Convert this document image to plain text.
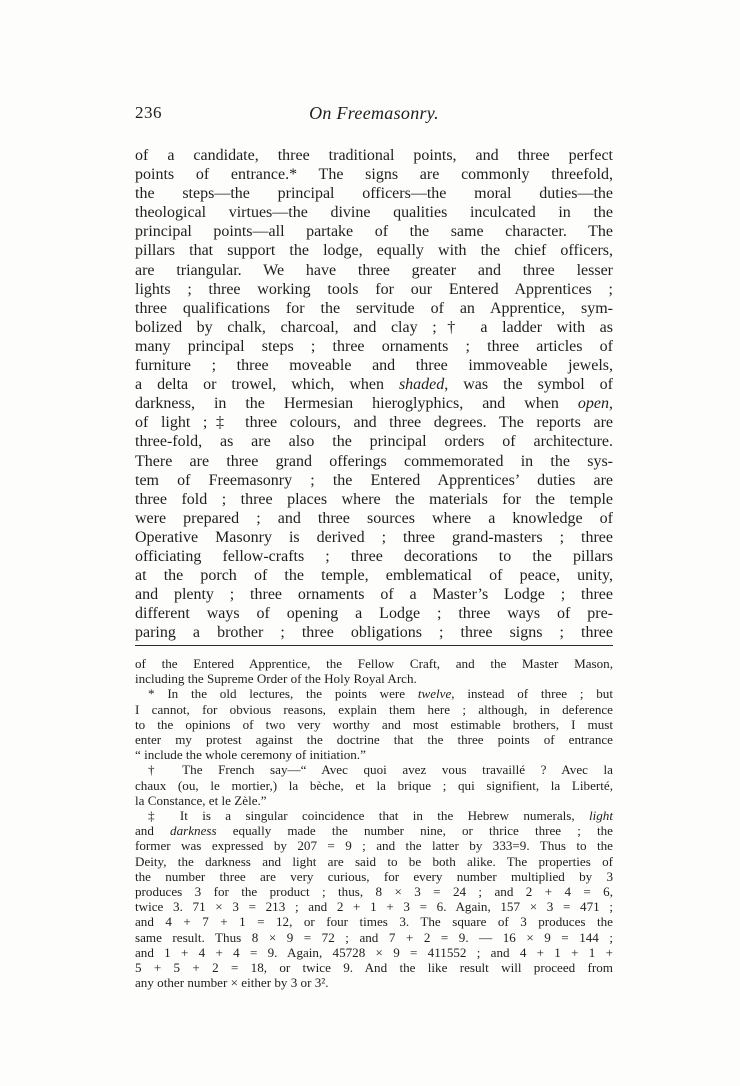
236	On Freemasonry.
of a candidate, three traditional points, and three perfect
points of entrance.* The signs are commonly threefold,
the steps—the principal officers—the moral duties—the
theological virtues—the divine qualities inculcated in the
principal points—all partake of the same character. The
pillars that support the lodge, equally with the chief officers,
are triangular. We have three greater and three lesser
lights ; three working tools for our Entered Apprentices ;
three qualifications for the servitude of an Apprentice, sym-
bolized by chalk, charcoal, and clay ;† a ladder with as
many principal steps ; three ornaments ; three articles of
furniture ; three moveable and three immoveable jewels,
a delta or trowel, which, when shaded, was the symbol of
darkness, in the Hermesian hieroglyphics, and when open,
of light ;‡ three colours, and three degrees. The reports are
three-fold, as are also the principal orders of architecture.
There are three grand offerings commemorated in the sys-
tem of Freemasonry ; the Entered Apprentices’ duties are
three fold ; three places where the materials for the temple
were prepared ; and three sources where a knowledge of
Operative Masonry is derived ; three grand-masters ; three
officiating fellow-crafts ; three decorations to the pillars
at the porch of the temple, emblematical of peace, unity,
and plenty ; three ornaments of a Master’s Lodge ; three
different ways of opening a Lodge ; three ways of pre-
paring a brother ; three obligations ; three signs ; three
of the Entered Apprentice, the Fellow Craft, and the Master Mason,
including the Supreme Order of the Holy Royal Arch.
* In the old lectures, the points were twelve, instead of three ; but
I cannot, for obvious reasons, explain them here ; although, in deference
to the opinions of two very worthy and most estimable brothers, I must
enter my protest against the doctrine that the three points of entrance
“ include the whole ceremony of initiation.”
† The French say—“ Avec quoi avez vous travaillé ? Avec la
chaux (ou, le mortier,) la bèche, et la brique ; qui signifient, la Liberté,
la Constance, et le Zèle.”
‡ It is a singular coincidence that in the Hebrew numerals, light
and darkness equally made the number nine, or thrice three ; the
former was expressed by 207 = 9 ; and the latter by 333=9. Thus to the
Deity, the darkness and light are said to be both alike. The properties of
the number three are very curious, for every number multiplied by 3
produces 3 for the product ; thus, 8 × 3 = 24 ; and 2 + 4 = 6,
twice 3. 71 × 3 = 213 ; and 2 + 1 + 3 = 6. Again, 157 × 3 = 471 ;
and 4 + 7 + 1 = 12, or four times 3. The square of 3 produces the
same result. Thus 8 × 9 = 72 ; and 7 + 2 = 9. — 16 × 9 = 144 ;
and 1 + 4 + 4 = 9. Again, 45728 × 9 = 411552 ; and 4 + 1 + 1 +
5 + 5 + 2 = 18, or twice 9. And the like result will proceed from
any other number × either by 3 or 3².
